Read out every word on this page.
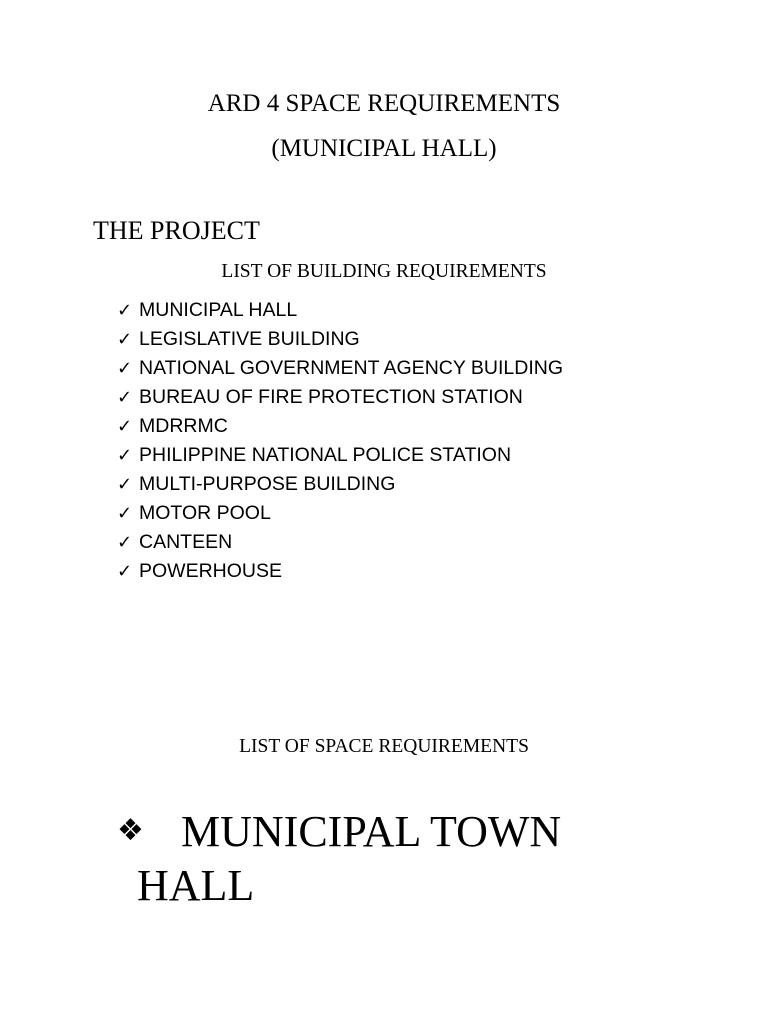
ARD 4 SPACE REQUIREMENTS
(MUNICIPAL HALL)
THE PROJECT
LIST OF BUILDING REQUIREMENTS
✓ MUNICIPAL HALL
✓ LEGISLATIVE BUILDING
✓ NATIONAL GOVERNMENT AGENCY BUILDING
✓ BUREAU OF FIRE PROTECTION STATION
✓ MDRRMC
✓ PHILIPPINE NATIONAL POLICE STATION
✓ MULTI-PURPOSE BUILDING
✓ MOTOR POOL
✓ CANTEEN
✓ POWERHOUSE
LIST OF SPACE REQUIREMENTS
❖ MUNICIPAL TOWN
HALL
